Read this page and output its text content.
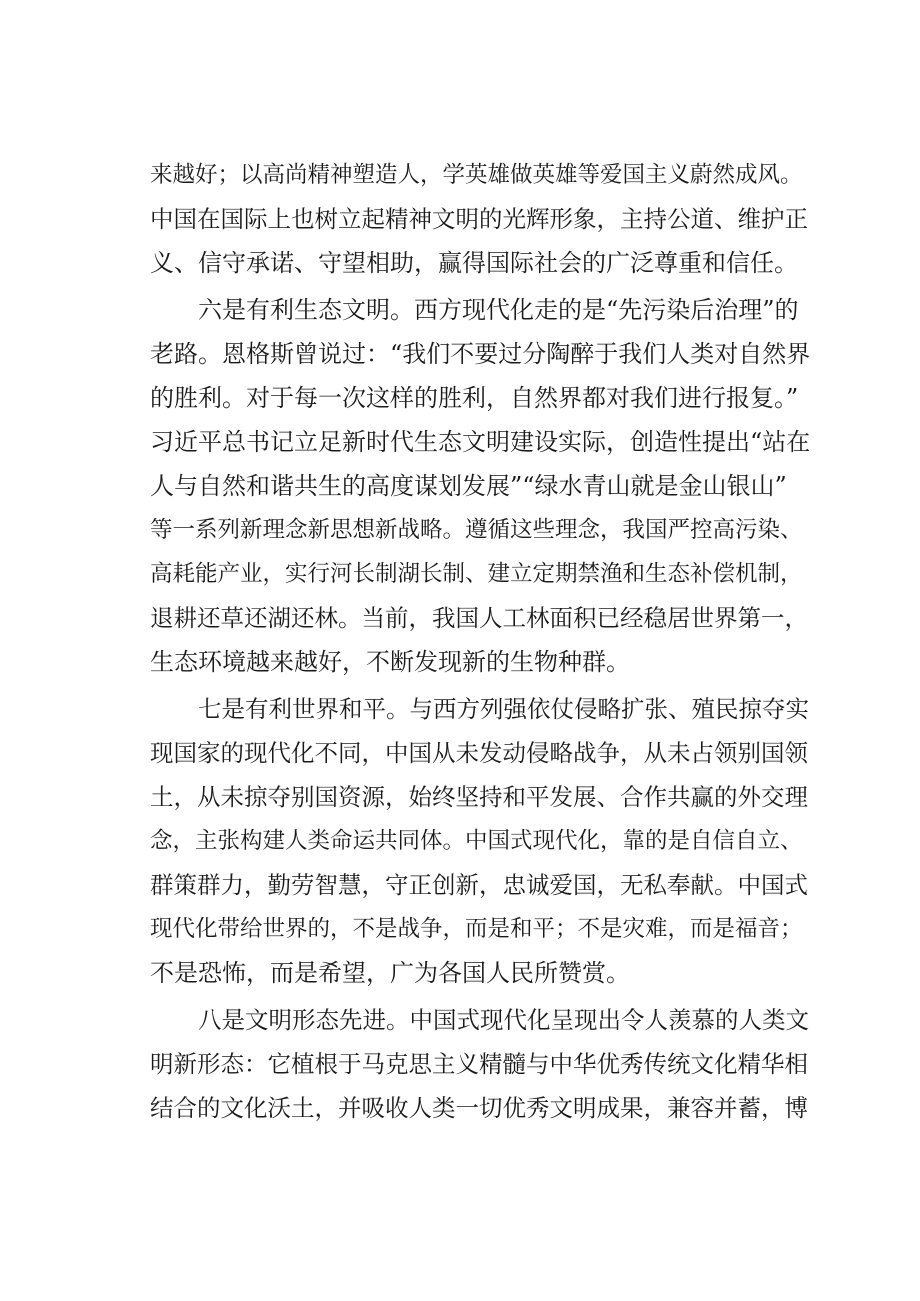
来越好；以高尚精神塑造人，学英雄做英雄等爱国主义蔚然成风。
中国在国际上也树立起精神文明的光辉形象，主持公道、维护正
义、信守承诺、守望相助，赢得国际社会的广泛尊重和信任。
六是有利生态文明。西方现代化走的是“先污染后治理”的
老路。恩格斯曾说过：“我们不要过分陶醉于我们人类对自然界
的胜利。对于每一次这样的胜利，自然界都对我们进行报复。”
习近平总书记立足新时代生态文明建设实际，创造性提出“站在
人与自然和谐共生的高度谋划发展”“绿水青山就是金山银山”
等一系列新理念新思想新战略。遵循这些理念，我国严控高污染、
高耗能产业，实行河长制湖长制、建立定期禁渔和生态补偿机制，
退耕还草还湖还林。当前，我国人工林面积已经稳居世界第一，
生态环境越来越好，不断发现新的生物种群。
七是有利世界和平。与西方列强依仗侵略扩张、殖民掠夺实
现国家的现代化不同，中国从未发动侵略战争，从未占领别国领
土，从未掠夺别国资源，始终坚持和平发展、合作共赢的外交理
念，主张构建人类命运共同体。中国式现代化，靠的是自信自立、
群策群力，勤劳智慧，守正创新，忠诚爱国，无私奉献。中国式
现代化带给世界的，不是战争，而是和平；不是灾难，而是福音；
不是恐怖，而是希望，广为各国人民所赞赏。
八是文明形态先进。中国式现代化呈现出令人羡慕的人类文
明新形态：它植根于马克思主义精髓与中华优秀传统文化精华相
结合的文化沃土，并吸收人类一切优秀文明成果，兼容并蓄，博
